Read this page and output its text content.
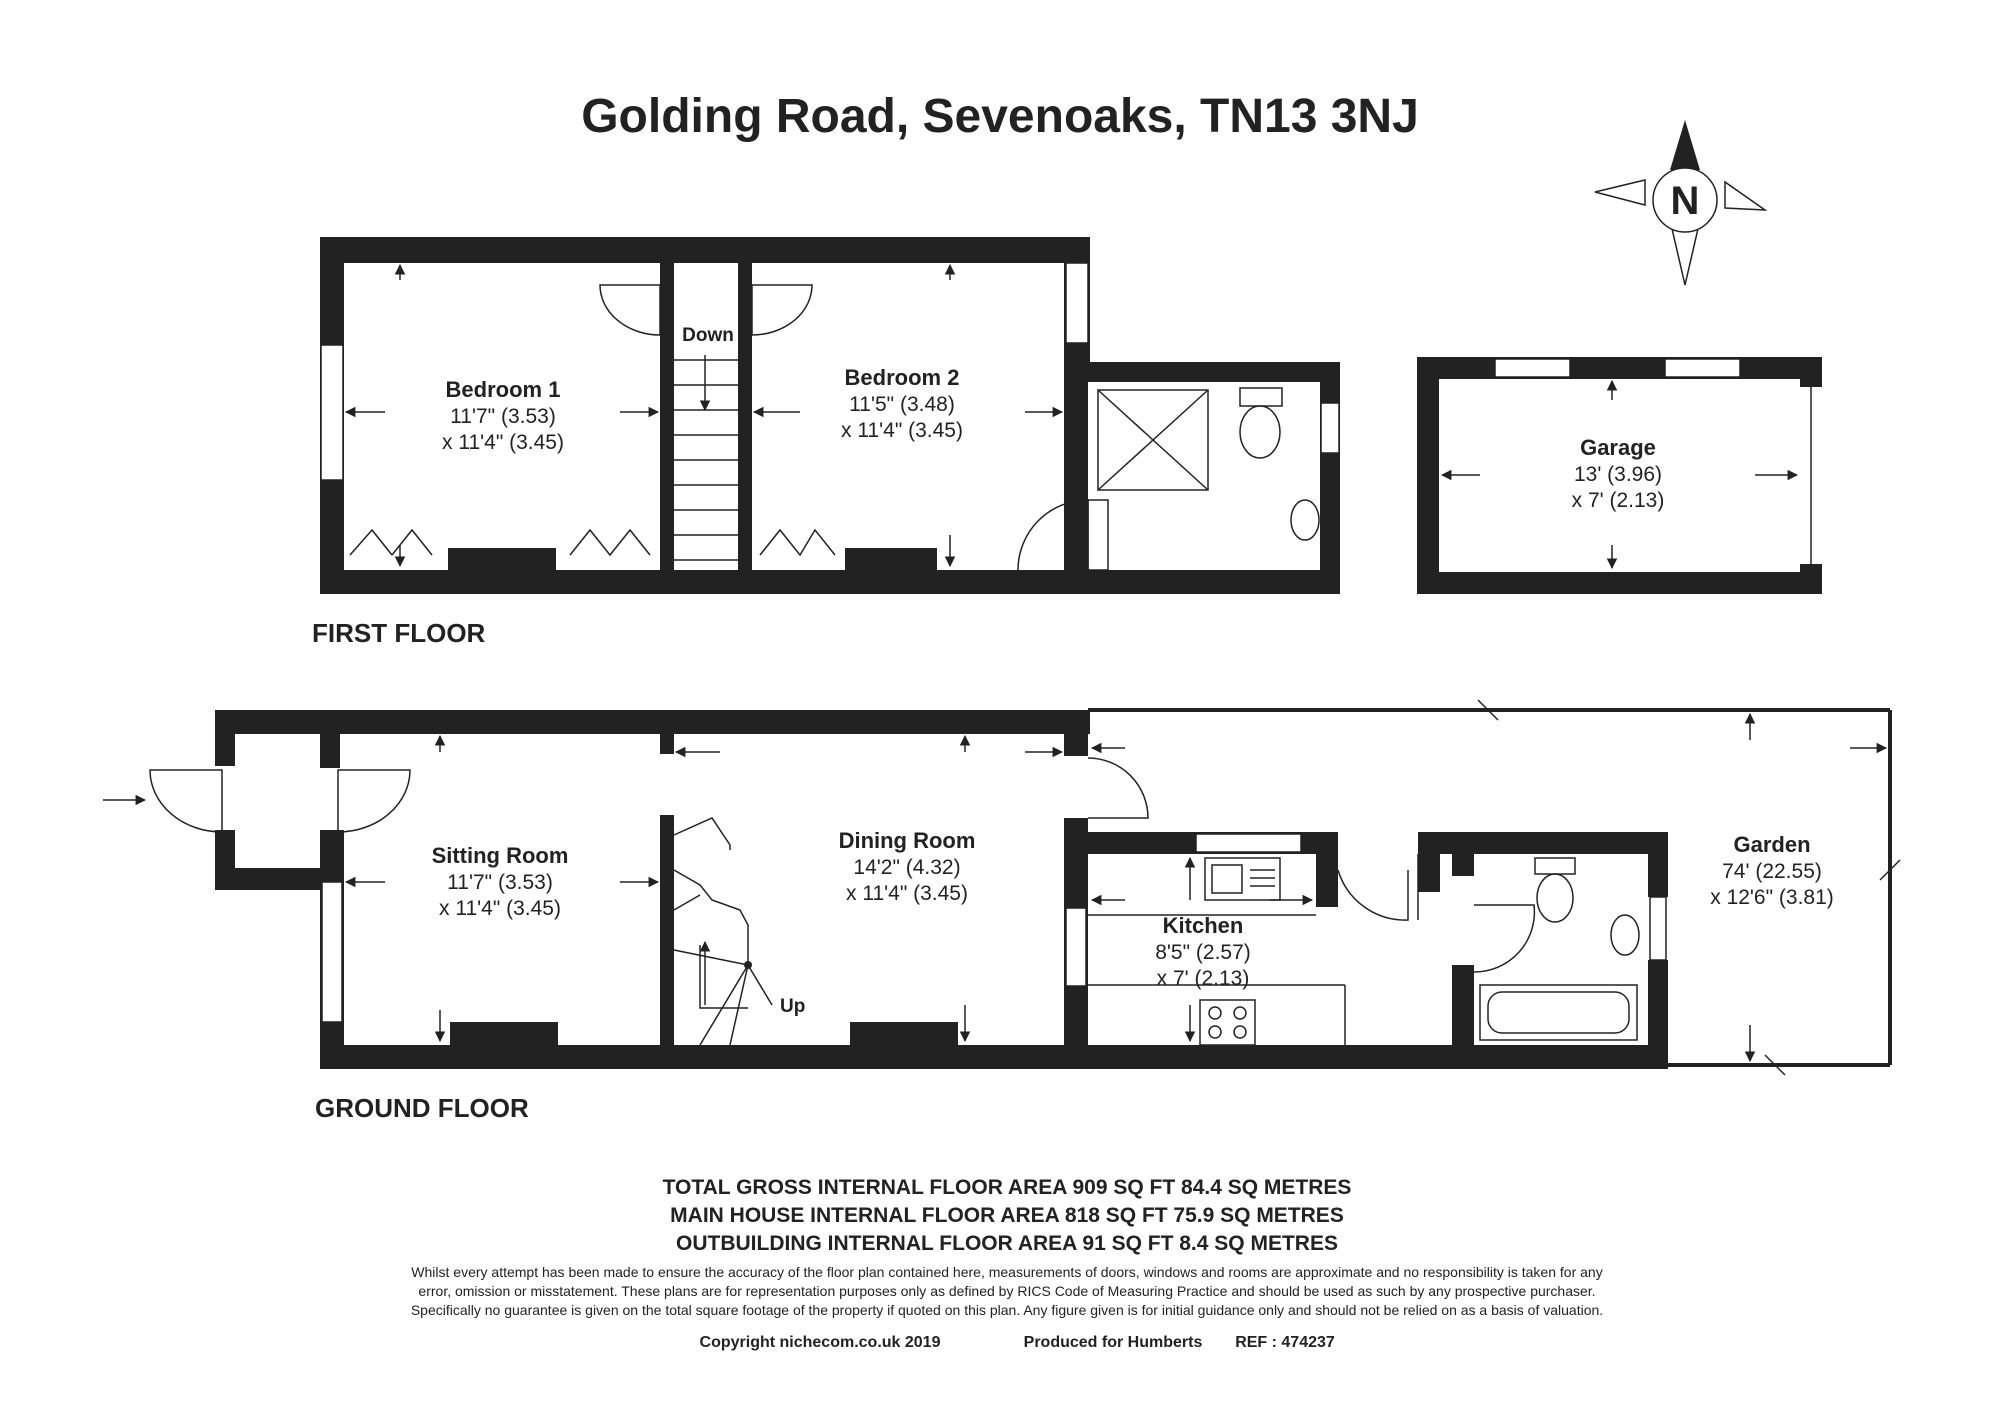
Golding Road, Sevenoaks, TN13 3NJ
N
Down
Bedroom 1
11'7" (3.53)
x 11'4" (3.45)
Bedroom 2
11'5" (3.48)
x 11'4" (3.45)
Garage
13' (3.96)
x 7' (2.13)
FIRST FLOOR
Up
Sitting Room
11'7" (3.53)
x 11'4" (3.45)
Dining Room
14'2" (4.32)
x 11'4" (3.45)
Kitchen
8'5" (2.57)
x 7' (2.13)
Garden
74' (22.55)
x 12'6" (3.81)
GROUND FLOOR
TOTAL GROSS INTERNAL FLOOR AREA 909 SQ FT 84.4 SQ METRES
MAIN HOUSE INTERNAL FLOOR AREA 818 SQ FT 75.9 SQ METRES
OUTBUILDING INTERNAL FLOOR AREA 91 SQ FT 8.4 SQ METRES
Whilst every attempt has been made to ensure the accuracy of the floor plan contained here, measurements of doors, windows and rooms are approximate and no responsibility is taken for any
error, omission or misstatement. These plans are for representation purposes only as defined by RICS Code of Measuring Practice and should be used as such by any prospective purchaser.
Specifically no guarantee is given on the total square footage of the property if quoted on this plan. Any figure given is for initial guidance only and should not be relied on as a basis of valuation.
Copyright nichecom.co.uk 2019	Produced for Humberts REF : 474237
